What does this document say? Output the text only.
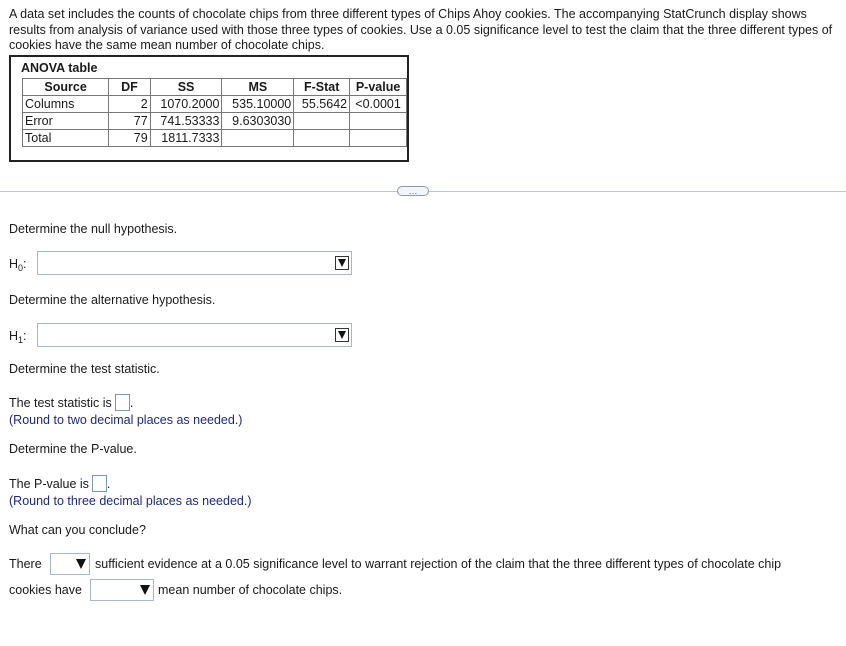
A data set includes the counts of chocolate chips from three different types of Chips Ahoy cookies. The accompanying StatCrunch display shows results from analysis of variance used with those three types of cookies. Use a 0.05 significance level to test the claim that the three different types of cookies have the same mean number of chocolate chips.
ANOVA table
Source	DF	SS	MS	F-Stat	P-value
Columns	2	1070.2000	535.10000	55.5642	<0.0001
Error	77	741.53333	9.6303030		
Total	79	1811.7333			
…
Determine the null hypothesis.
$H_0$:
Determine the alternative hypothesis.
$H_1$:
Determine the test statistic.
The test statistic is .
(Round to two decimal places as needed.)
Determine the P-value.
The P-value is .
(Round to three decimal places as needed.)
What can you conclude?
There	sufficient evidence at a 0.05 significance level to warrant rejection of the claim that the three different types of chocolate chip
cookies have	mean number of chocolate chips.
